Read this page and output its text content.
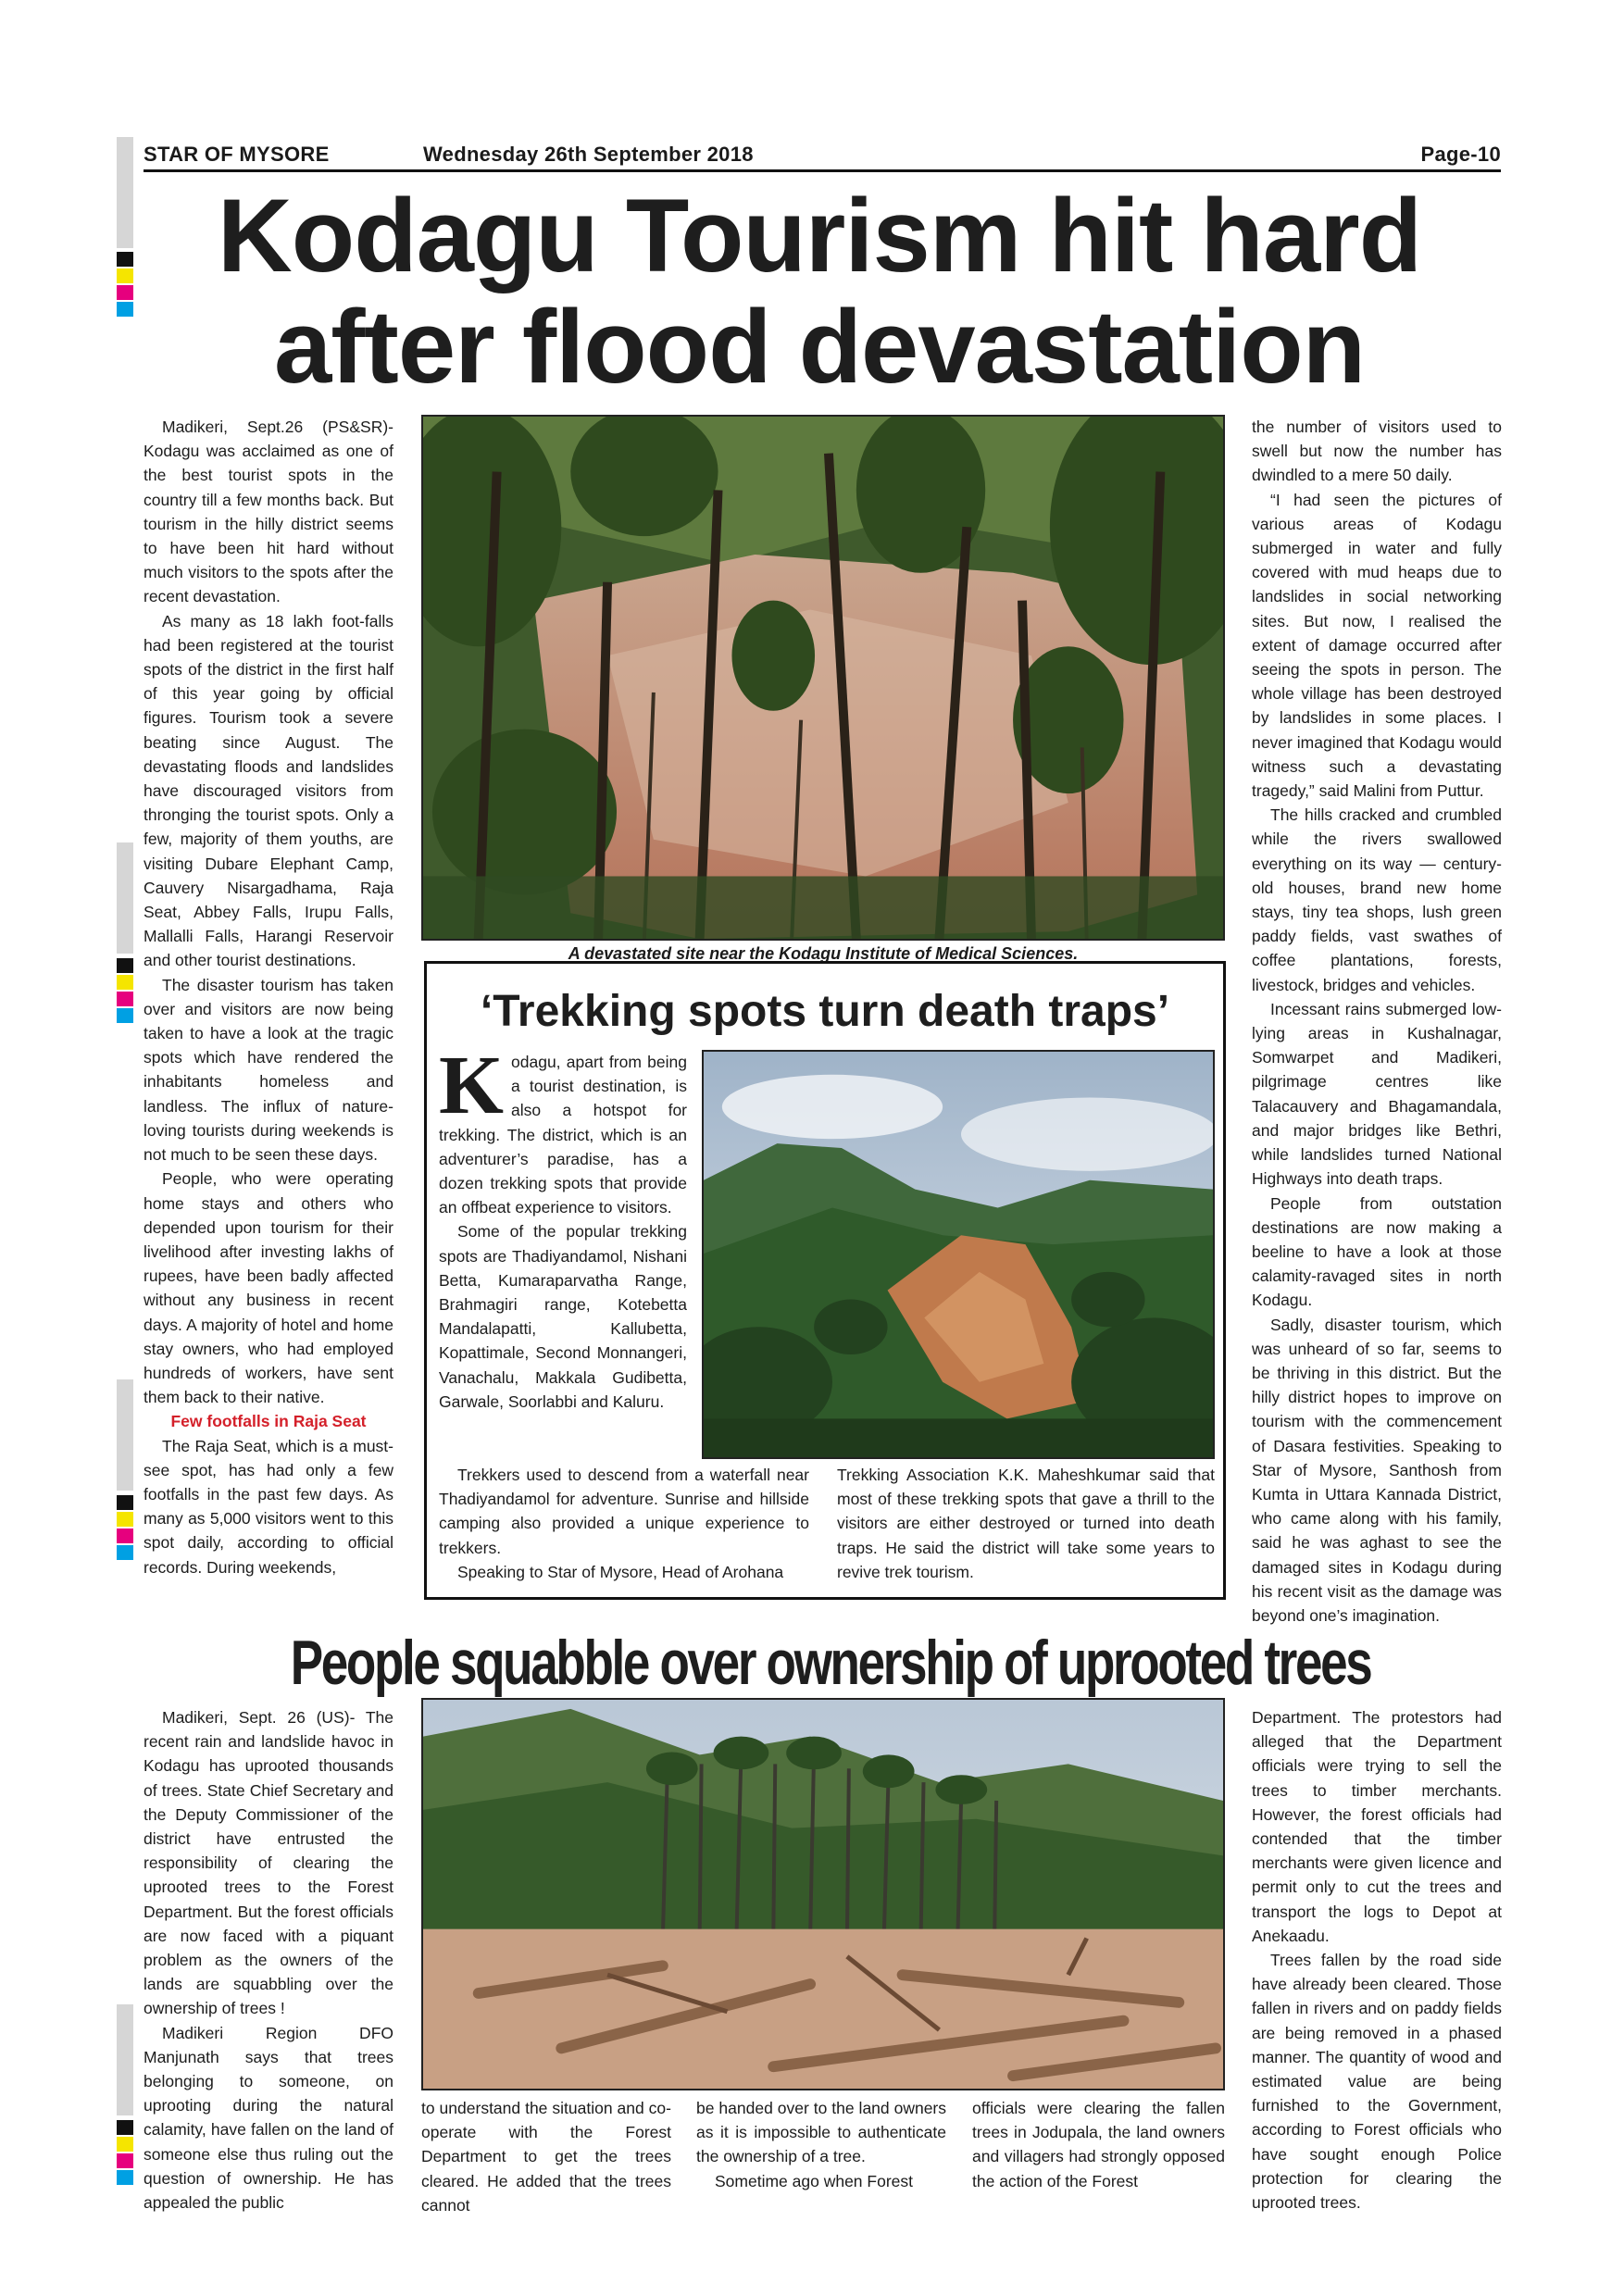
STAR OF MYSORE	Wednesday 26th September 2018	Page-10
Kodagu Tourism hit hard
after flood devastation

Madikeri, Sept.26 (PS&SR)- Kodagu was acclaimed as one of the best tourist spots in the country till a few months back. But tourism in the hilly district seems to have been hit hard without much visitors to the spots after the recent devastation.

As many as 18 lakh foot-falls had been registered at the tourist spots of the district in the first half of this year going by official figures. Tourism took a severe beating since August. The devastating floods and landslides have discouraged visitors from thronging the tourist spots. Only a few, majority of them youths, are visiting Dubare Elephant Camp, Cauvery Nisargadhama, Raja Seat, Abbey Falls, Irupu Falls, Mallalli Falls, Harangi Reservoir and other tourist destinations.

The disaster tourism has taken over and visitors are now being taken to have a look at the tragic spots which have rendered the inhabitants homeless and landless. The influx of nature-loving tourists during weekends is not much to be seen these days.

People, who were operating home stays and others who depended upon tourism for their livelihood after investing lakhs of rupees, have been badly affected without any business in recent days. A majority of hotel and home stay owners, who had employed hundreds of workers, have sent them back to their native.

Few footfalls in Raja Seat

The Raja Seat, which is a must-see spot, has had only a few footfalls in the past few days. As many as 5,000 visitors went to this spot daily, according to official records. During weekends,

A devastated site near the Kodagu Institute of Medical Sciences.

the number of visitors used to swell but now the number has dwindled to a mere 50 daily.

“I had seen the pictures of various areas of Kodagu submerged in water and fully covered with mud heaps due to landslides in social networking sites. But now, I realised the extent of damage occurred after seeing the spots in person. The whole village has been destroyed by landslides in some places. I never imagined that Kodagu would witness such a devastating tragedy,” said Malini from Puttur.

The hills cracked and crumbled while the rivers swallowed everything on its way — century-old houses, brand new home stays, tiny tea shops, lush green paddy fields, vast swathes of coffee plantations, forests, livestock, bridges and vehicles.

Incessant rains submerged low-lying areas in Kushalnagar, Somwarpet and Madikeri, pilgrimage centres like Talacauvery and Bhagamandala, and major bridges like Bethri, while landslides turned National Highways into death traps.

People from outstation destinations are now making a beeline to have a look at those calamity-ravaged sites in north Kodagu.

Sadly, disaster tourism, which was unheard of so far, seems to be thriving in this district. But the hilly district hopes to improve on tourism with the commencement of Dasara festivities. Speaking to Star of Mysore, Santhosh from Kumta in Uttara Kannada District, who came along with his family, said he was aghast to see the damaged sites in Kodagu during his recent visit as the damage was beyond one’s imagination.

‘Trekking spots turn death traps’

Kodagu, apart from being a tourist destination, is also a hotspot for trekking. The district, which is an adventurer’s paradise, has a dozen trekking spots that provide an offbeat experience to visitors.

Some of the popular trekking spots are Thadiyandamol, Nishani Betta, Kumaraparvatha Range, Brahmagiri range, Kotebetta Mandalapatti, Kallubetta, Kopattimale, Second Monnangeri, Vanachalu, Makkala Gudibetta, Garwale, Soorlabbi and Kaluru.

Trekkers used to descend from a waterfall near Thadiyandamol for adventure. Sunrise and hillside camping also provided a unique experience to trekkers.

Speaking to Star of Mysore, Head of Arohana

Trekking Association K.K. Maheshkumar said that most of these trekking spots that gave a thrill to the visitors are either destroyed or turned into death traps. He said the district will take some years to revive trek tourism.

People squabble over ownership of uprooted trees

Madikeri, Sept. 26 (US)- The recent rain and landslide havoc in Kodagu has uprooted thousands of trees. State Chief Secretary and the Deputy Commissioner of the district have entrusted the responsibility of clearing the uprooted trees to the Forest Department. But the forest officials are now faced with a piquant problem as the owners of the lands are squabbling over the ownership of trees !

Madikeri Region DFO Manjunath says that trees belonging to someone, on uprooting during the natural calamity, have fallen on the land of someone else thus ruling out the question of ownership. He has appealed the public

to understand the situation and co-operate with the Forest Department to get the trees cleared. He added that the trees cannot

be handed over to the land owners as it is impossible to authenticate the ownership of a tree.

Sometime ago when Forest

officials were clearing the fallen trees in Jodupala, the land owners and villagers had strongly opposed the action of the Forest

Department. The protestors had alleged that the Department officials were trying to sell the trees to timber merchants. However, the forest officials had contended that the timber merchants were given licence and permit only to cut the trees and transport the logs to Depot at Anekaadu.

Trees fallen by the road side have already been cleared. Those fallen in rivers and on paddy fields are being removed in a phased manner. The quantity of wood and estimated value are being furnished to the Government, according to Forest officials who have sought enough Police protection for clearing the uprooted trees.
